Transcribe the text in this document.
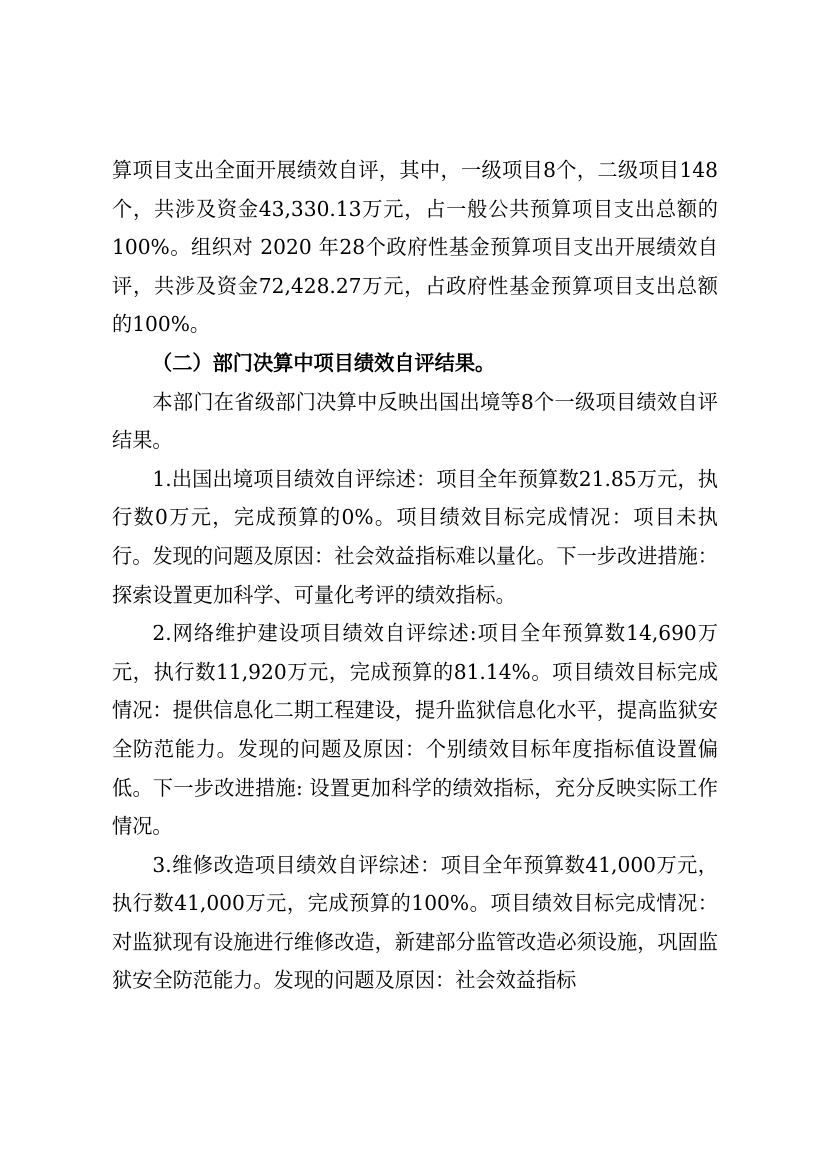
算项目支出全面开展绩效自评，其中，一级项目8个，二级项目148个，共涉及资金43,330.13万元，占一般公共预算项目支出总额的100%。组织对 2020 年28个政府性基金预算项目支出开展绩效自评，共涉及资金72,428.27万元，占政府性基金预算项目支出总额的100%。

（二）部门决算中项目绩效自评结果。

本部门在省级部门决算中反映出国出境等8个一级项目绩效自评结果。

1.出国出境项目绩效自评综述：项目全年预算数21.85万元，执行数0万元，完成预算的0%。项目绩效目标完成情况：项目未执行。发现的问题及原因：社会效益指标难以量化。下一步改进措施：探索设置更加科学、可量化考评的绩效指标。

2.网络维护建设项目绩效自评综述:项目全年预算数14,690万元，执行数11,920万元，完成预算的81.14%。项目绩效目标完成情况：提供信息化二期工程建设，提升监狱信息化水平，提高监狱安全防范能力。发现的问题及原因：个别绩效目标年度指标值设置偏低。下一步改进措施: 设置更加科学的绩效指标，充分反映实际工作情况。

3.维修改造项目绩效自评综述：项目全年预算数41,000万元，执行数41,000万元，完成预算的100%。项目绩效目标完成情况：对监狱现有设施进行维修改造，新建部分监管改造必须设施，巩固监狱安全防范能力。发现的问题及原因：社会效益指标
